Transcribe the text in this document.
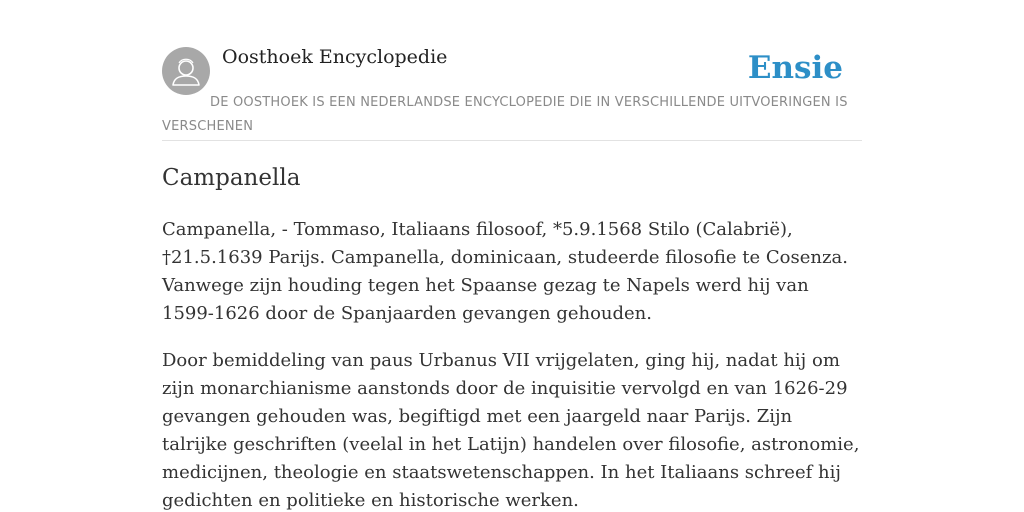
Oosthoek Encyclopedie	Ensie
DE OOSTHOEK IS EEN NEDERLANDSE ENCYCLOPEDIE DIE IN VERSCHILLENDE UITVOERINGEN IS VERSCHENEN
Campanella

Campanella, - Tommaso, Italiaans filosoof, *5.9.1568 Stilo (Calabrië), †21.5.1639 Parijs. Campanella, dominicaan, studeerde filosofie te Cosenza. Vanwege zijn houding tegen het Spaanse gezag te Napels werd hij van 1599-1626 door de Spanjaarden gevangen gehouden.

Door bemiddeling van paus Urbanus VII vrijgelaten, ging hij, nadat hij om zijn monarchianisme aanstonds door de inquisitie vervolgd en van 1626-29 gevangen gehouden was, begiftigd met een jaargeld naar Parijs. Zijn talrijke geschriften (veelal in het Latijn) handelen over filosofie, astronomie, medicijnen, theologie en staatswetenschappen. In het Italiaans schreef hij gedichten en politieke en historische werken.
